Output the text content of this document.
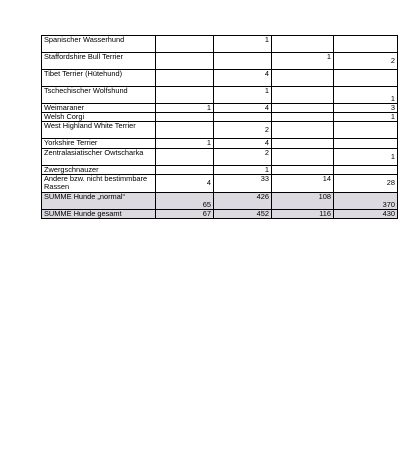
Spanischer Wasserhund		1		
Staffordshire Bull Terrier			1	2
Tibet Terrier (Hütehund)		4		
Tschechischer Wolfshund		1		1
Weimaraner	1	4		3
Welsh Corgi				1
West Highland White Terrier		2		
Yorkshire Terrier	1	4		
Zentralasiatischer Owtscharka		2		1
Zwergschnauzer		1		
Andere bzw. nicht bestimmbare Rassen	4	33	14	28
SUMME Hunde „normal“	65	426	108	370
SUMME Hunde gesamt	67	452	116	430
